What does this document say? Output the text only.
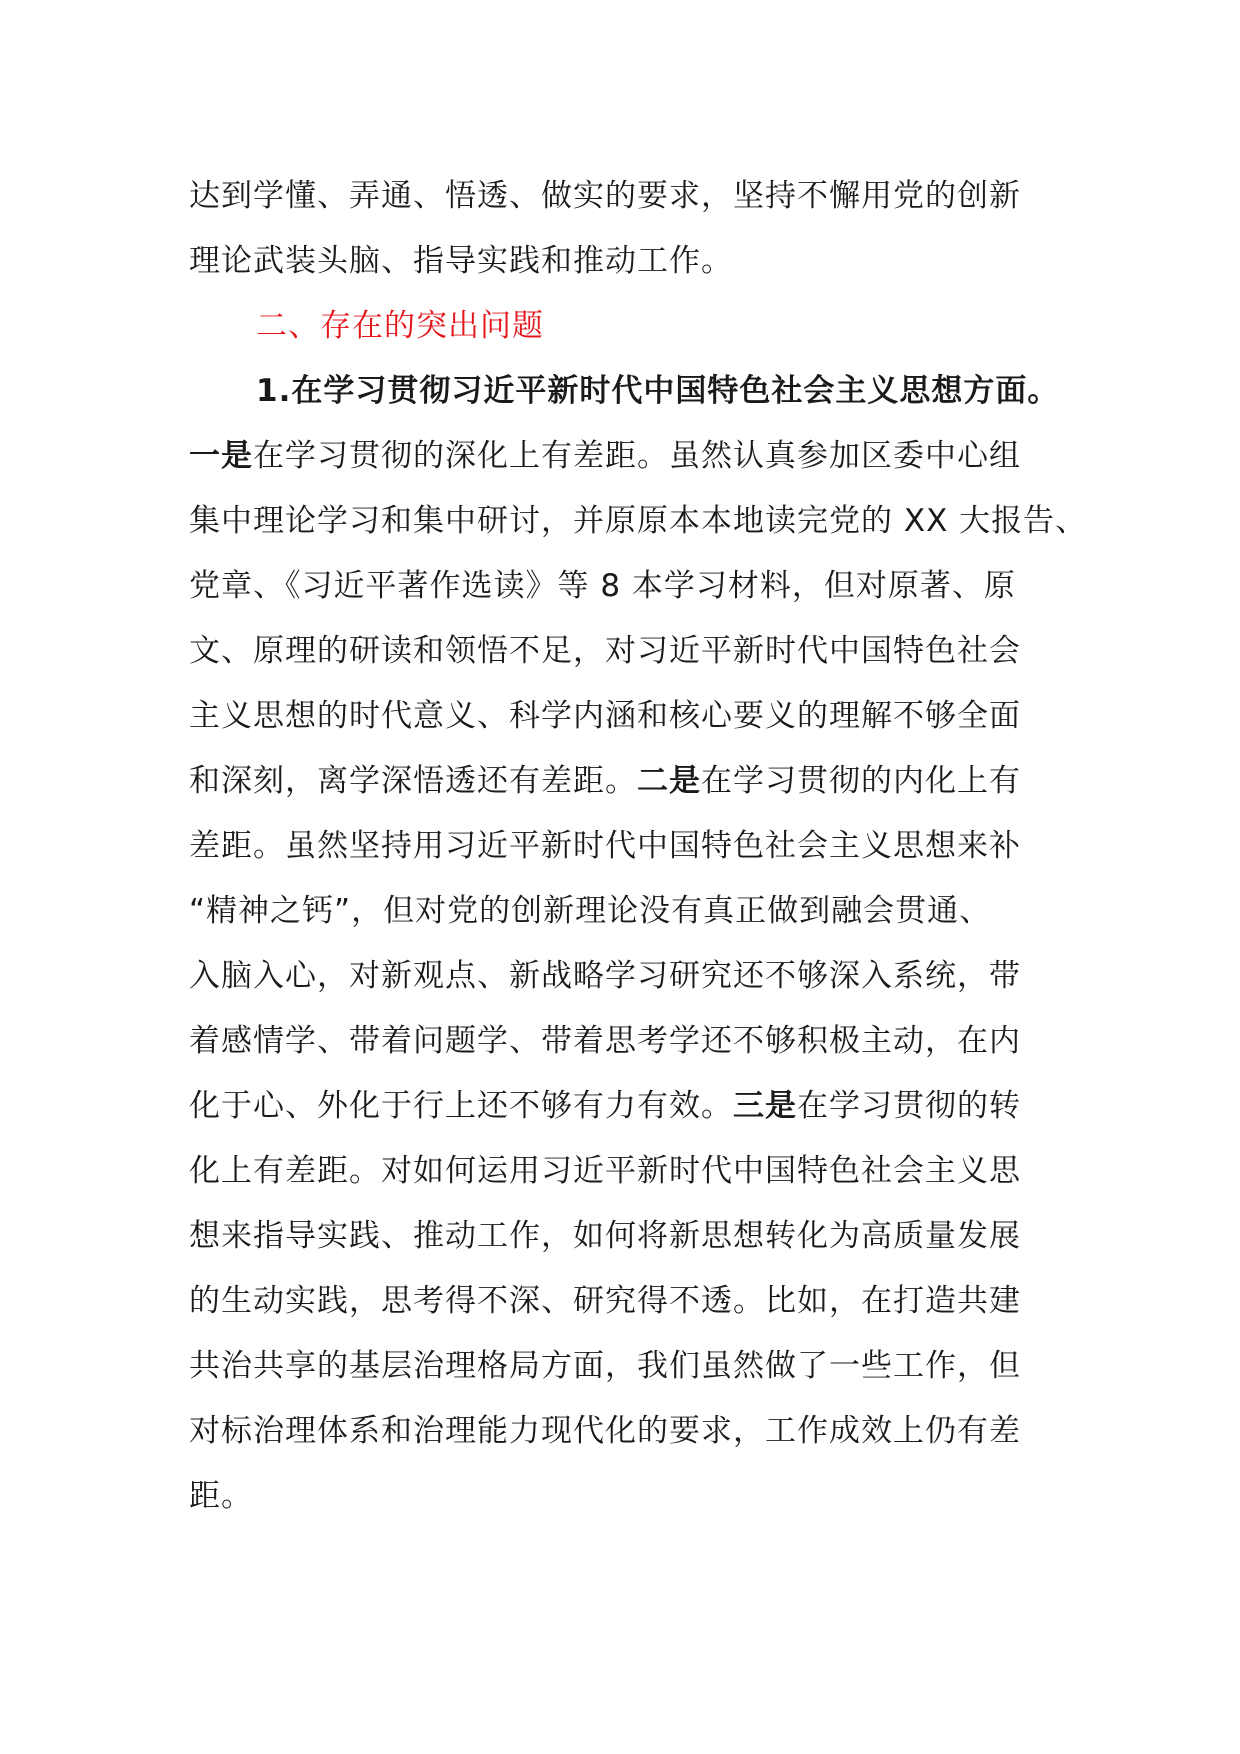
达到学懂、弄通、悟透、做实的要求，坚持不懈用党的创新
理论武装头脑、指导实践和推动工作。
二、存在的突出问题
1.在学习贯彻习近平新时代中国特色社会主义思想方面。
一是在学习贯彻的深化上有差距。虽然认真参加区委中心组
集中理论学习和集中研讨，并原原本本地读完党的 XX 大报告、
党章、《习近平著作选读》等 8 本学习材料，但对原著、原
文、原理的研读和领悟不足，对习近平新时代中国特色社会
主义思想的时代意义、科学内涵和核心要义的理解不够全面
和深刻，离学深悟透还有差距。二是在学习贯彻的内化上有
差距。虽然坚持用习近平新时代中国特色社会主义思想来补
“精神之钙”，但对党的创新理论没有真正做到融会贯通、
入脑入心，对新观点、新战略学习研究还不够深入系统，带
着感情学、带着问题学、带着思考学还不够积极主动，在内
化于心、外化于行上还不够有力有效。三是在学习贯彻的转
化上有差距。对如何运用习近平新时代中国特色社会主义思
想来指导实践、推动工作，如何将新思想转化为高质量发展
的生动实践，思考得不深、研究得不透。比如，在打造共建
共治共享的基层治理格局方面，我们虽然做了一些工作，但
对标治理体系和治理能力现代化的要求，工作成效上仍有差
距。
